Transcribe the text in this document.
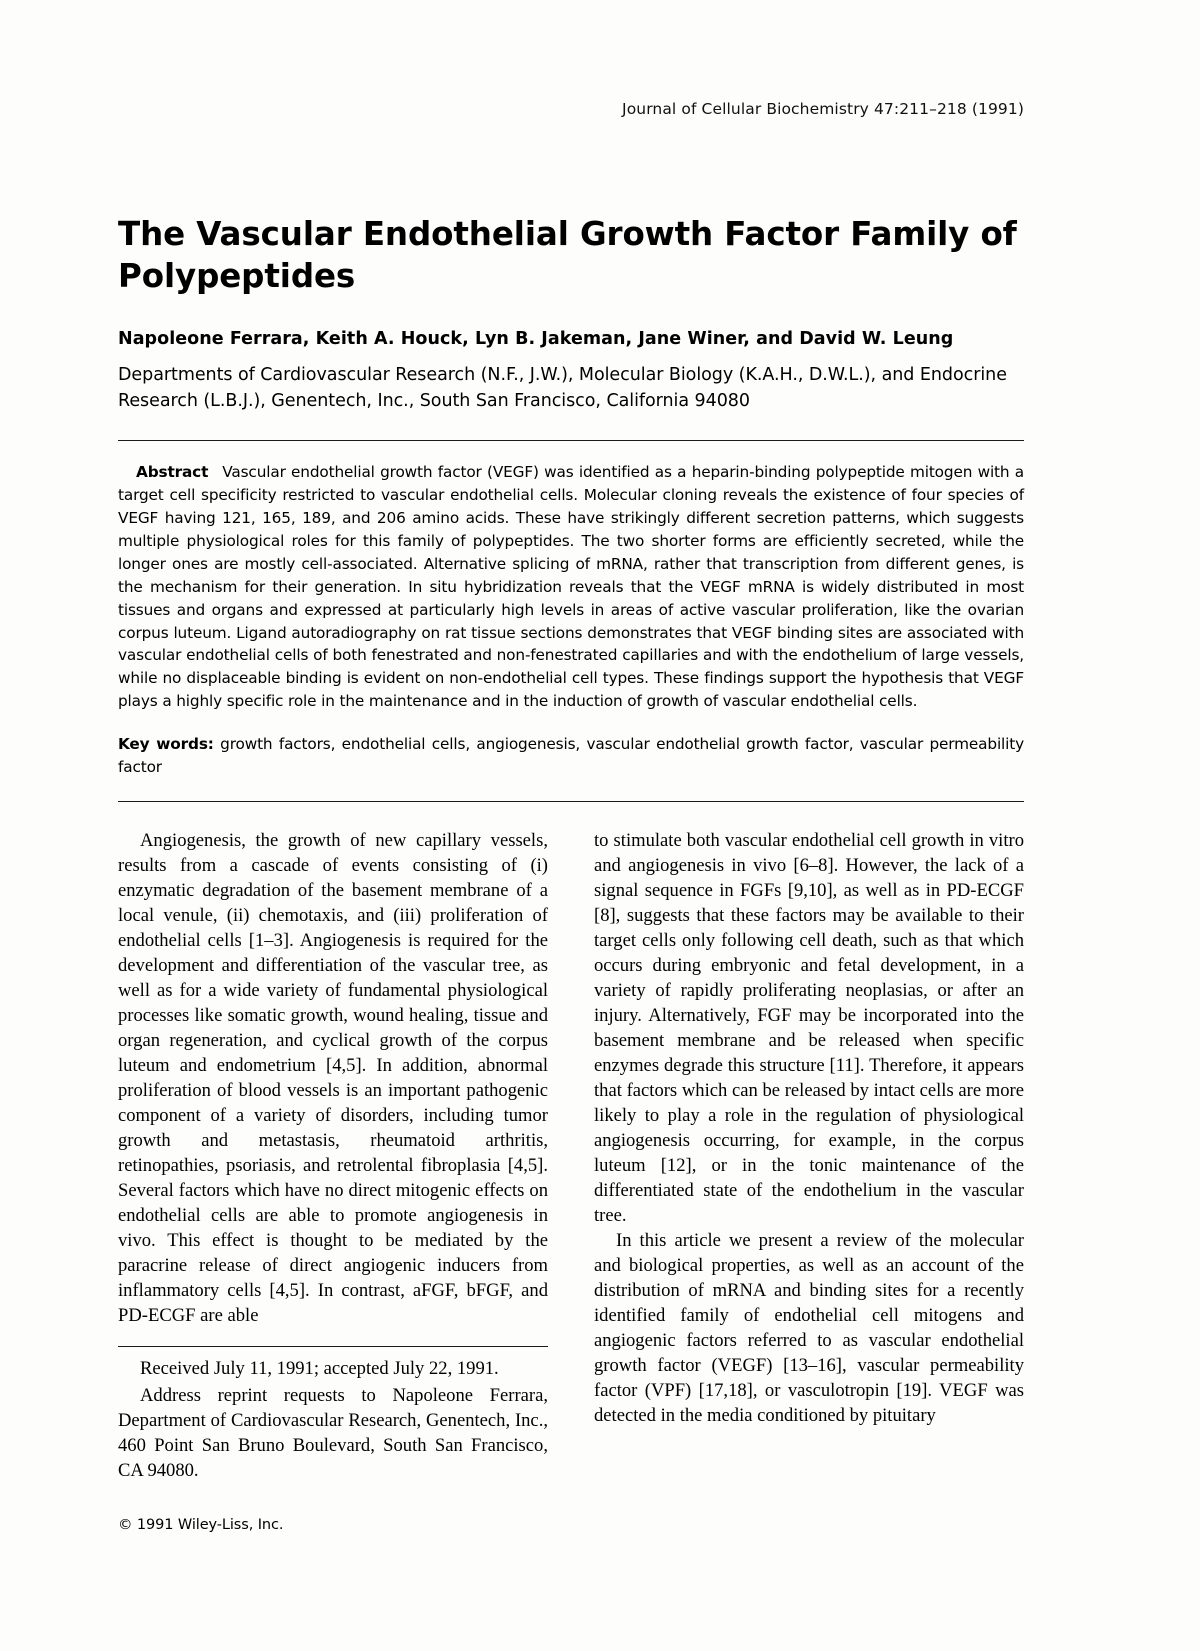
Journal of Cellular Biochemistry 47:211–218 (1991)
The Vascular Endothelial Growth Factor Family of Polypeptides
Napoleone Ferrara, Keith A. Houck, Lyn B. Jakeman, Jane Winer, and David W. Leung
Departments of Cardiovascular Research (N.F., J.W.), Molecular Biology (K.A.H., D.W.L.), and Endocrine Research (L.B.J.), Genentech, Inc., South San Francisco, California 94080
Abstract Vascular endothelial growth factor (VEGF) was identified as a heparin-binding polypeptide mitogen with a target cell specificity restricted to vascular endothelial cells. Molecular cloning reveals the existence of four species of VEGF having 121, 165, 189, and 206 amino acids. These have strikingly different secretion patterns, which suggests multiple physiological roles for this family of polypeptides. The two shorter forms are efficiently secreted, while the longer ones are mostly cell-associated. Alternative splicing of mRNA, rather that transcription from different genes, is the mechanism for their generation. In situ hybridization reveals that the VEGF mRNA is widely distributed in most tissues and organs and expressed at particularly high levels in areas of active vascular proliferation, like the ovarian corpus luteum. Ligand autoradiography on rat tissue sections demonstrates that VEGF binding sites are associated with vascular endothelial cells of both fenestrated and non-fenestrated capillaries and with the endothelium of large vessels, while no displaceable binding is evident on non-endothelial cell types. These findings support the hypothesis that VEGF plays a highly specific role in the maintenance and in the induction of growth of vascular endothelial cells.
Key words: growth factors, endothelial cells, angiogenesis, vascular endothelial growth factor, vascular permeability factor

Angiogenesis, the growth of new capillary vessels, results from a cascade of events consisting of (i) enzymatic degradation of the basement membrane of a local venule, (ii) chemotaxis, and (iii) proliferation of endothelial cells [1–3]. Angiogenesis is required for the development and differentiation of the vascular tree, as well as for a wide variety of fundamental physiological processes like somatic growth, wound healing, tissue and organ regeneration, and cyclical growth of the corpus luteum and endometrium [4,5]. In addition, abnormal proliferation of blood vessels is an important pathogenic component of a variety of disorders, including tumor growth and metastasis, rheumatoid arthritis, retinopathies, psoriasis, and retrolental fibroplasia [4,5]. Several factors which have no direct mitogenic effects on endothelial cells are able to promote angiogenesis in vivo. This effect is thought to be mediated by the paracrine release of direct angiogenic inducers from inflammatory cells [4,5]. In contrast, aFGF, bFGF, and PD-ECGF are able

Received July 11, 1991; accepted July 22, 1991.

Address reprint requests to Napoleone Ferrara, Department of Cardiovascular Research, Genentech, Inc., 460 Point San Bruno Boulevard, South San Francisco, CA 94080.

© 1991 Wiley-Liss, Inc.

to stimulate both vascular endothelial cell growth in vitro and angiogenesis in vivo [6–8]. However, the lack of a signal sequence in FGFs [9,10], as well as in PD-ECGF [8], suggests that these factors may be available to their target cells only following cell death, such as that which occurs during embryonic and fetal development, in a variety of rapidly proliferating neoplasias, or after an injury. Alternatively, FGF may be incorporated into the basement membrane and be released when specific enzymes degrade this structure [11]. Therefore, it appears that factors which can be released by intact cells are more likely to play a role in the regulation of physiological angiogenesis occurring, for example, in the corpus luteum [12], or in the tonic maintenance of the differentiated state of the endothelium in the vascular tree.

In this article we present a review of the molecular and biological properties, as well as an account of the distribution of mRNA and binding sites for a recently identified family of endothelial cell mitogens and angiogenic factors referred to as vascular endothelial growth factor (VEGF) [13–16], vascular permeability factor (VPF) [17,18], or vasculotropin [19]. VEGF was detected in the media conditioned by pituitary
